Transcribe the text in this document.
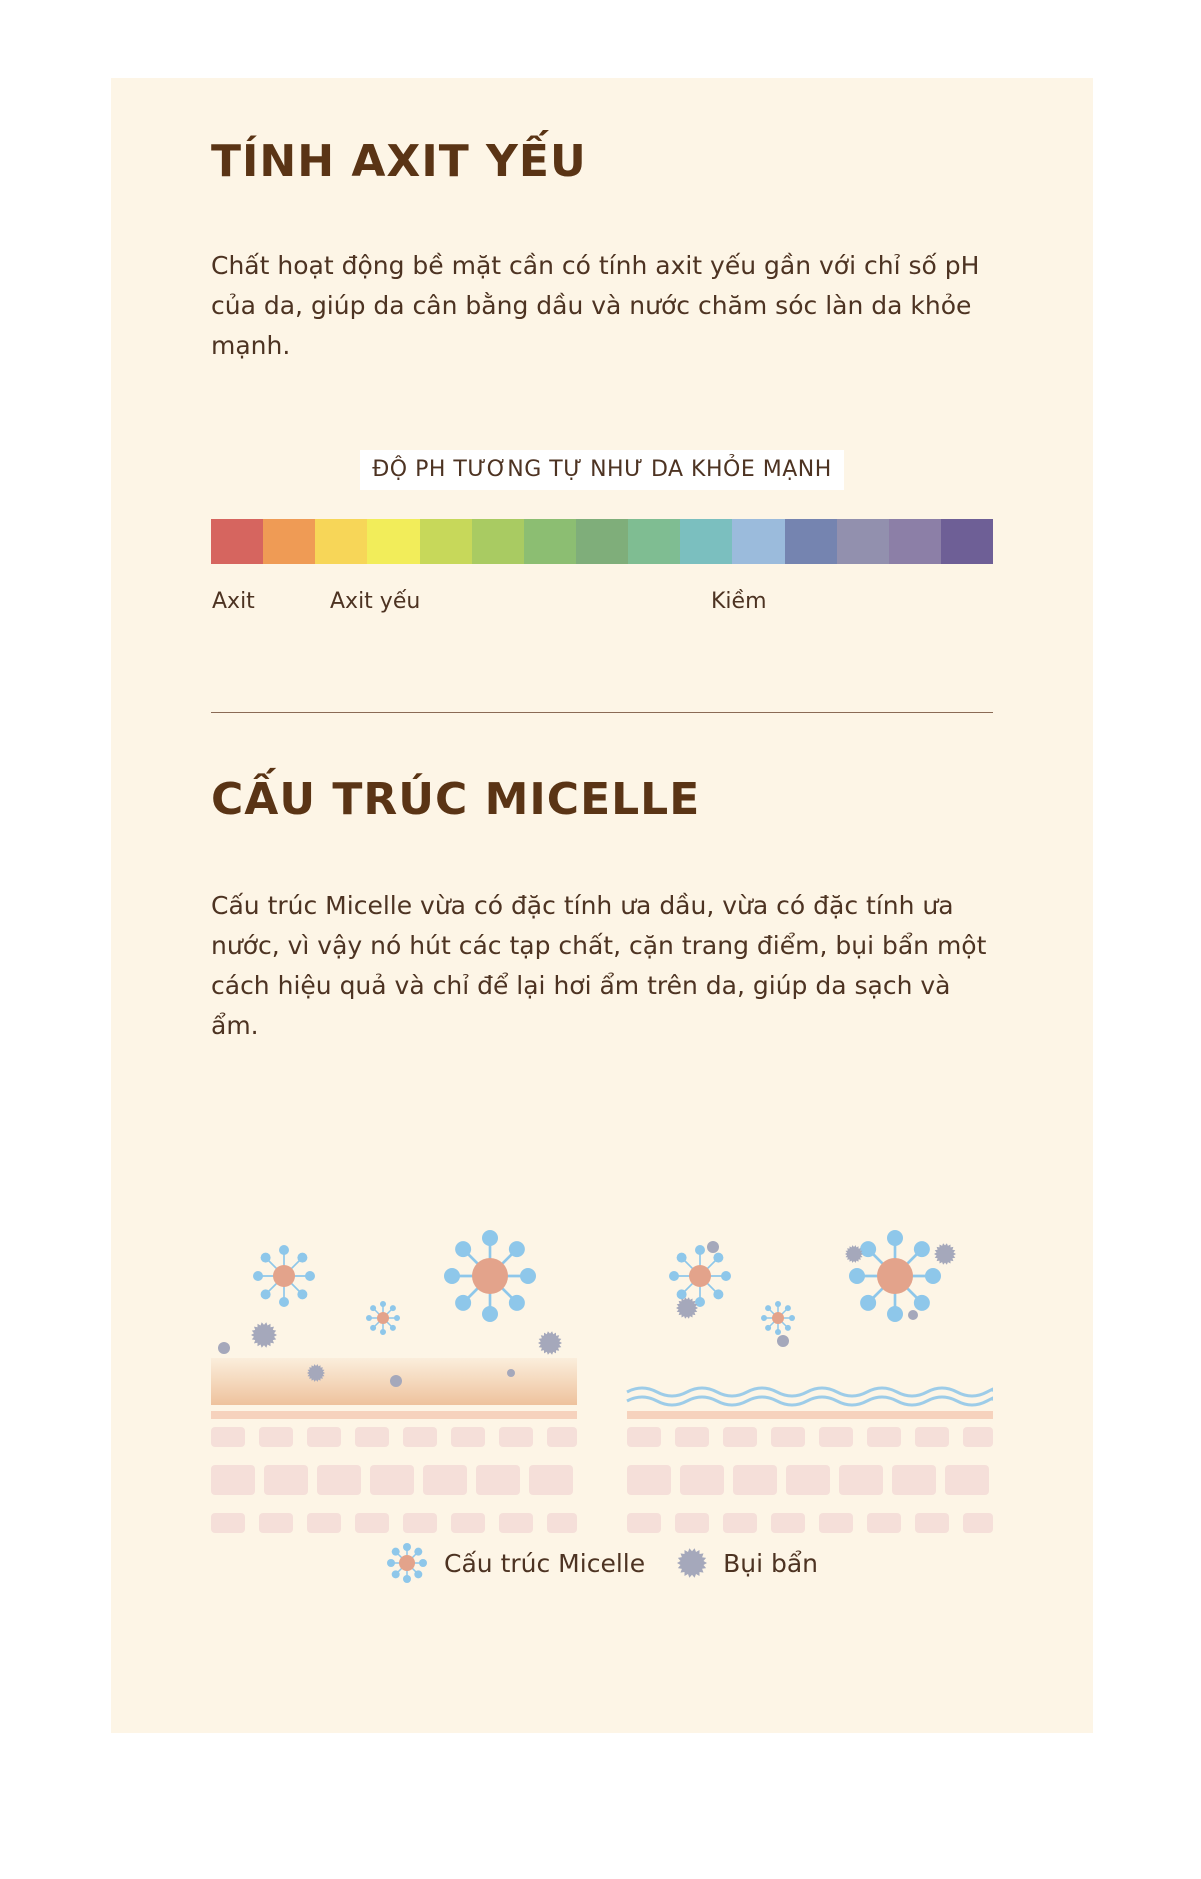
TÍNH AXIT YẾU

Chất hoạt động bề mặt cần có tính axit yếu gần với chỉ số pH của da, giúp da cân bằng dầu và nước chăm sóc làn da khỏe mạnh.

ĐỘ PH TƯƠNG TỰ NHƯ DA KHỎE MẠNH
Axit	Axit yếu	Kiềm
CẤU TRÚC MICELLE

Cấu trúc Micelle vừa có đặc tính ưa dầu, vừa có đặc tính ưa nước, vì vậy nó hút các tạp chất, cặn trang điểm, bụi bẩn một cách hiệu quả và chỉ để lại hơi ẩm trên da, giúp da sạch và ẩm.

Cấu trúc Micelle	Bụi bẩn
